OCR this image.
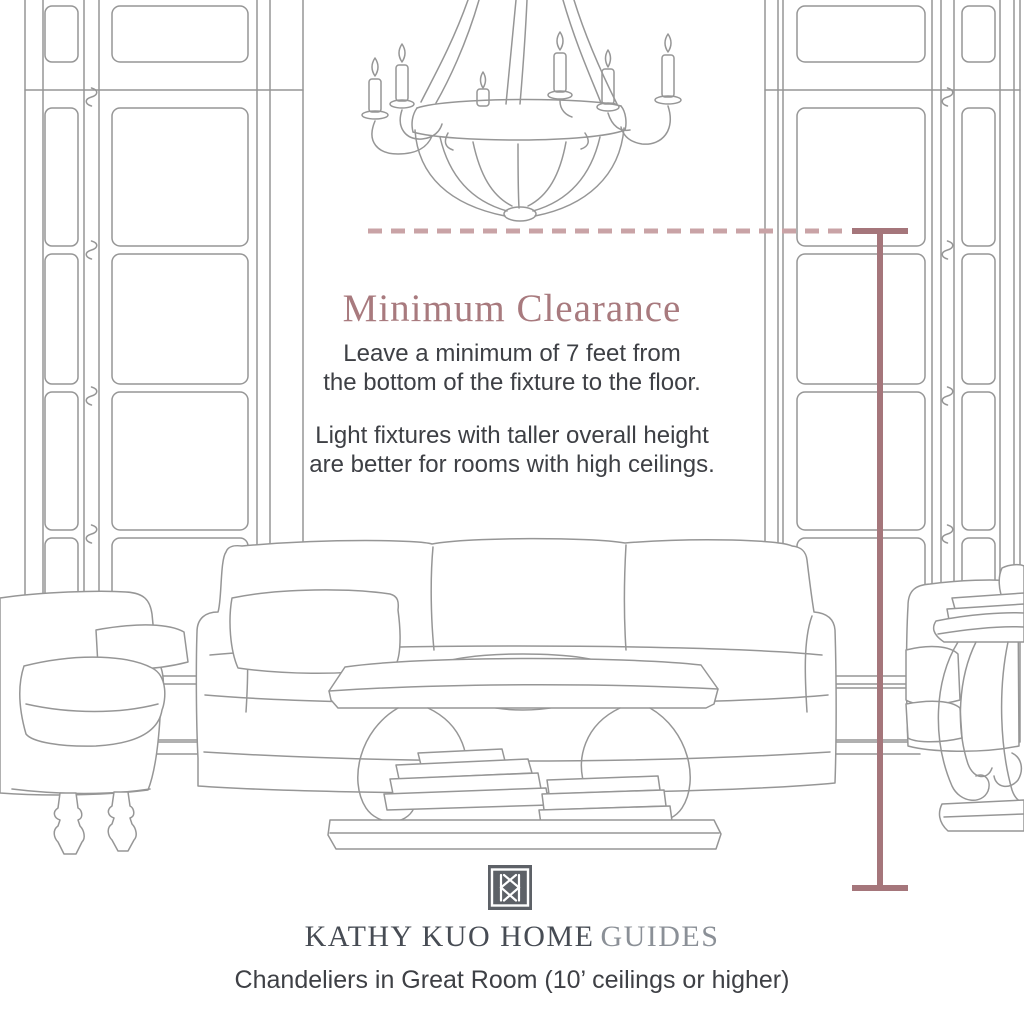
Minimum Clearance
Leave a minimum of 7 feet from
the bottom of the fixture to the floor.
Light fixtures with taller overall height
are better for rooms with high ceilings.
KATHY KUO HOME GUIDES
Chandeliers in Great Room (10’ ceilings or higher)
